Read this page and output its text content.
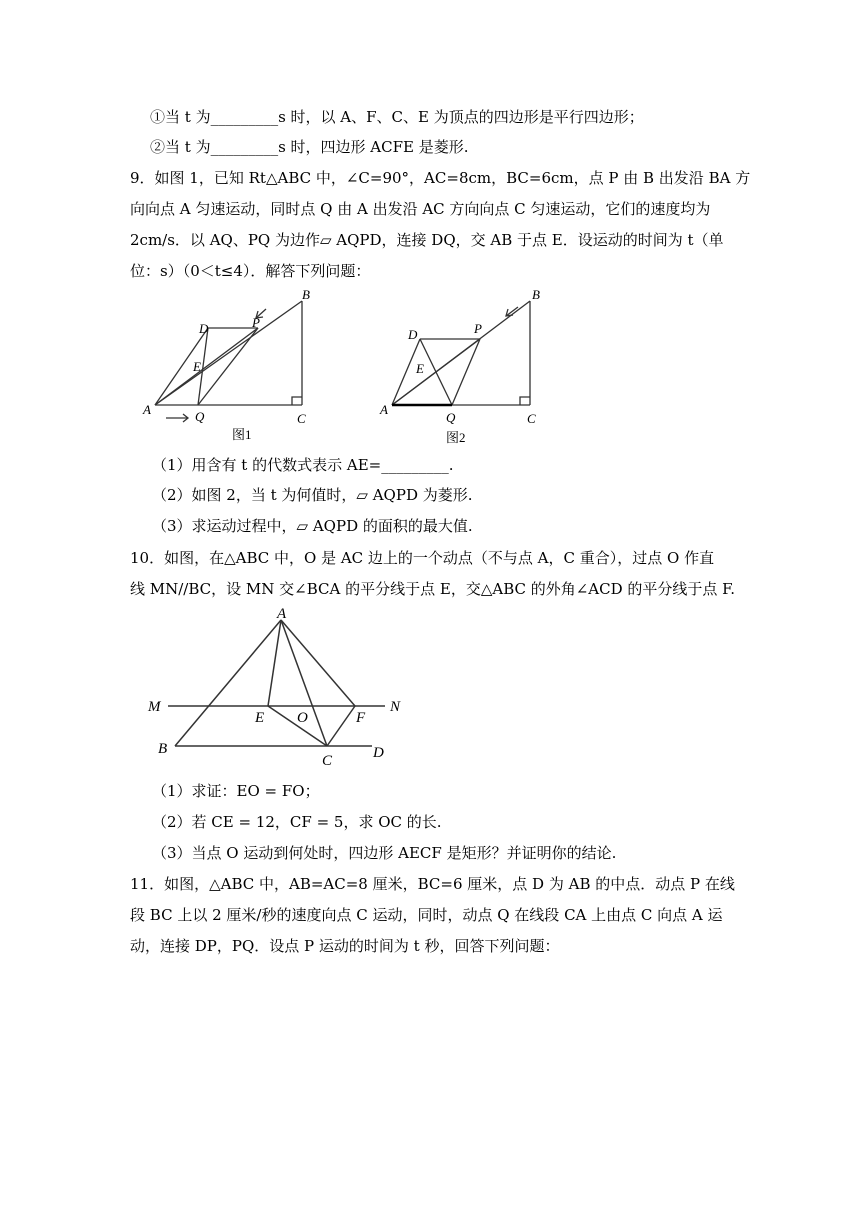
①当 t 为_________s 时，以 A、F、C、E 为顶点的四边形是平行四边形；
②当 t 为_________s 时，四边形 ACFE 是菱形.
9．如图 1，已知 Rt△ABC 中，∠C=90°，AC=8cm，BC=6cm，点 P 由 B 出发沿 BA 方
向向点 A 匀速运动，同时点 Q 由 A 出发沿 AC 方向向点 C 匀速运动，它们的速度均为
2cm/s．以 AQ、PQ 为边作▱ AQPD，连接 DQ，交 AB 于点 E．设运动的时间为 t（单
位：s）（0＜t≤4）．解答下列问题：
A
B
C
D
E
P
Q
图1
A
B
C
D
E
P
Q
图2
（1）用含有 t 的代数式表示 AE=_________.
（2）如图 2，当 t 为何值时，▱ AQPD 为菱形.
（3）求运动过程中，▱ AQPD 的面积的最大值.
10．如图，在△ABC 中，O 是 AC 边上的一个动点（不与点 A，C 重合），过点 O 作直
线 MN//BC，设 MN 交∠BCA 的平分线于点 E，交△ABC 的外角∠ACD 的平分线于点 F.
A
M	N
E O	F
B
C	D
（1）求证：EO = FO；
（2）若 CE = 12，CF = 5，求 OC 的长.
（3）当点 O 运动到何处时，四边形 AECF 是矩形？并证明你的结论.
11．如图，△ABC 中，AB=AC=8 厘米，BC=6 厘米，点 D 为 AB 的中点．动点 P 在线
段 BC 上以 2 厘米/秒的速度向点 C 运动，同时，动点 Q 在线段 CA 上由点 C 向点 A 运
动，连接 DP，PQ．设点 P 运动的时间为 t 秒，回答下列问题：
